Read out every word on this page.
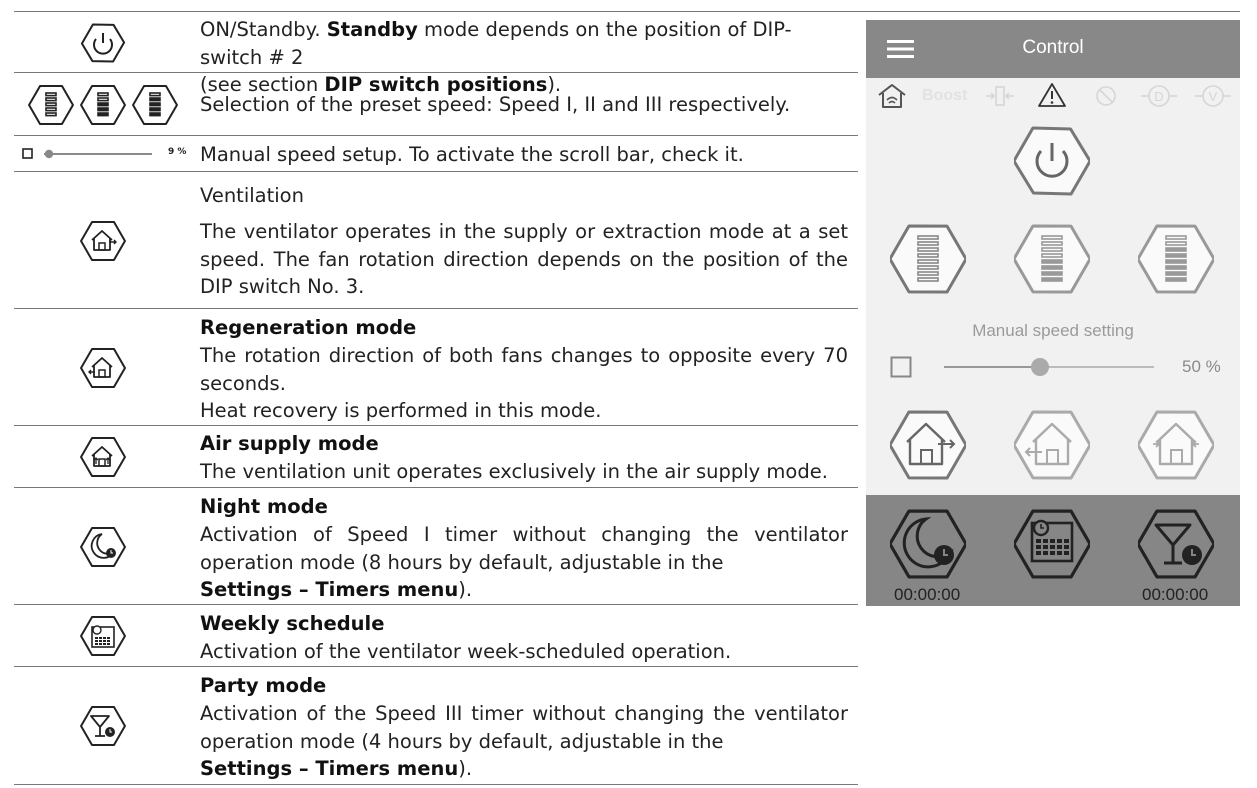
ON/Standby. Standby mode depends on the position of DIP-switch # 2
(see section DIP switch positions).
Selection of the preset speed: Speed I, II and III respectively.
9 % Manual speed setup. To activate the scroll bar, check it.
Ventilation
The ventilator operates in the supply or extraction mode at a set speed. The fan rotation direction depends on the position of the DIP switch No. 3.
Regeneration mode
The rotation direction of both fans changes to opposite every 70 seconds.
Heat recovery is performed in this mode.
Air supply mode
The ventilation unit operates exclusively in the air supply mode.
Night mode
Activation of Speed I timer without changing the ventilator operation mode (8 hours by default, adjustable in the
Settings – Timers menu).
Weekly schedule
Activation of the ventilator week-scheduled operation.
Party mode
Activation of the Speed III timer without changing the ventilator operation mode (4 hours by default, adjustable in the
Settings – Timers menu).
Control
Boost	D	V
Manual speed setting
50 %
00:00:00	00:00:00
